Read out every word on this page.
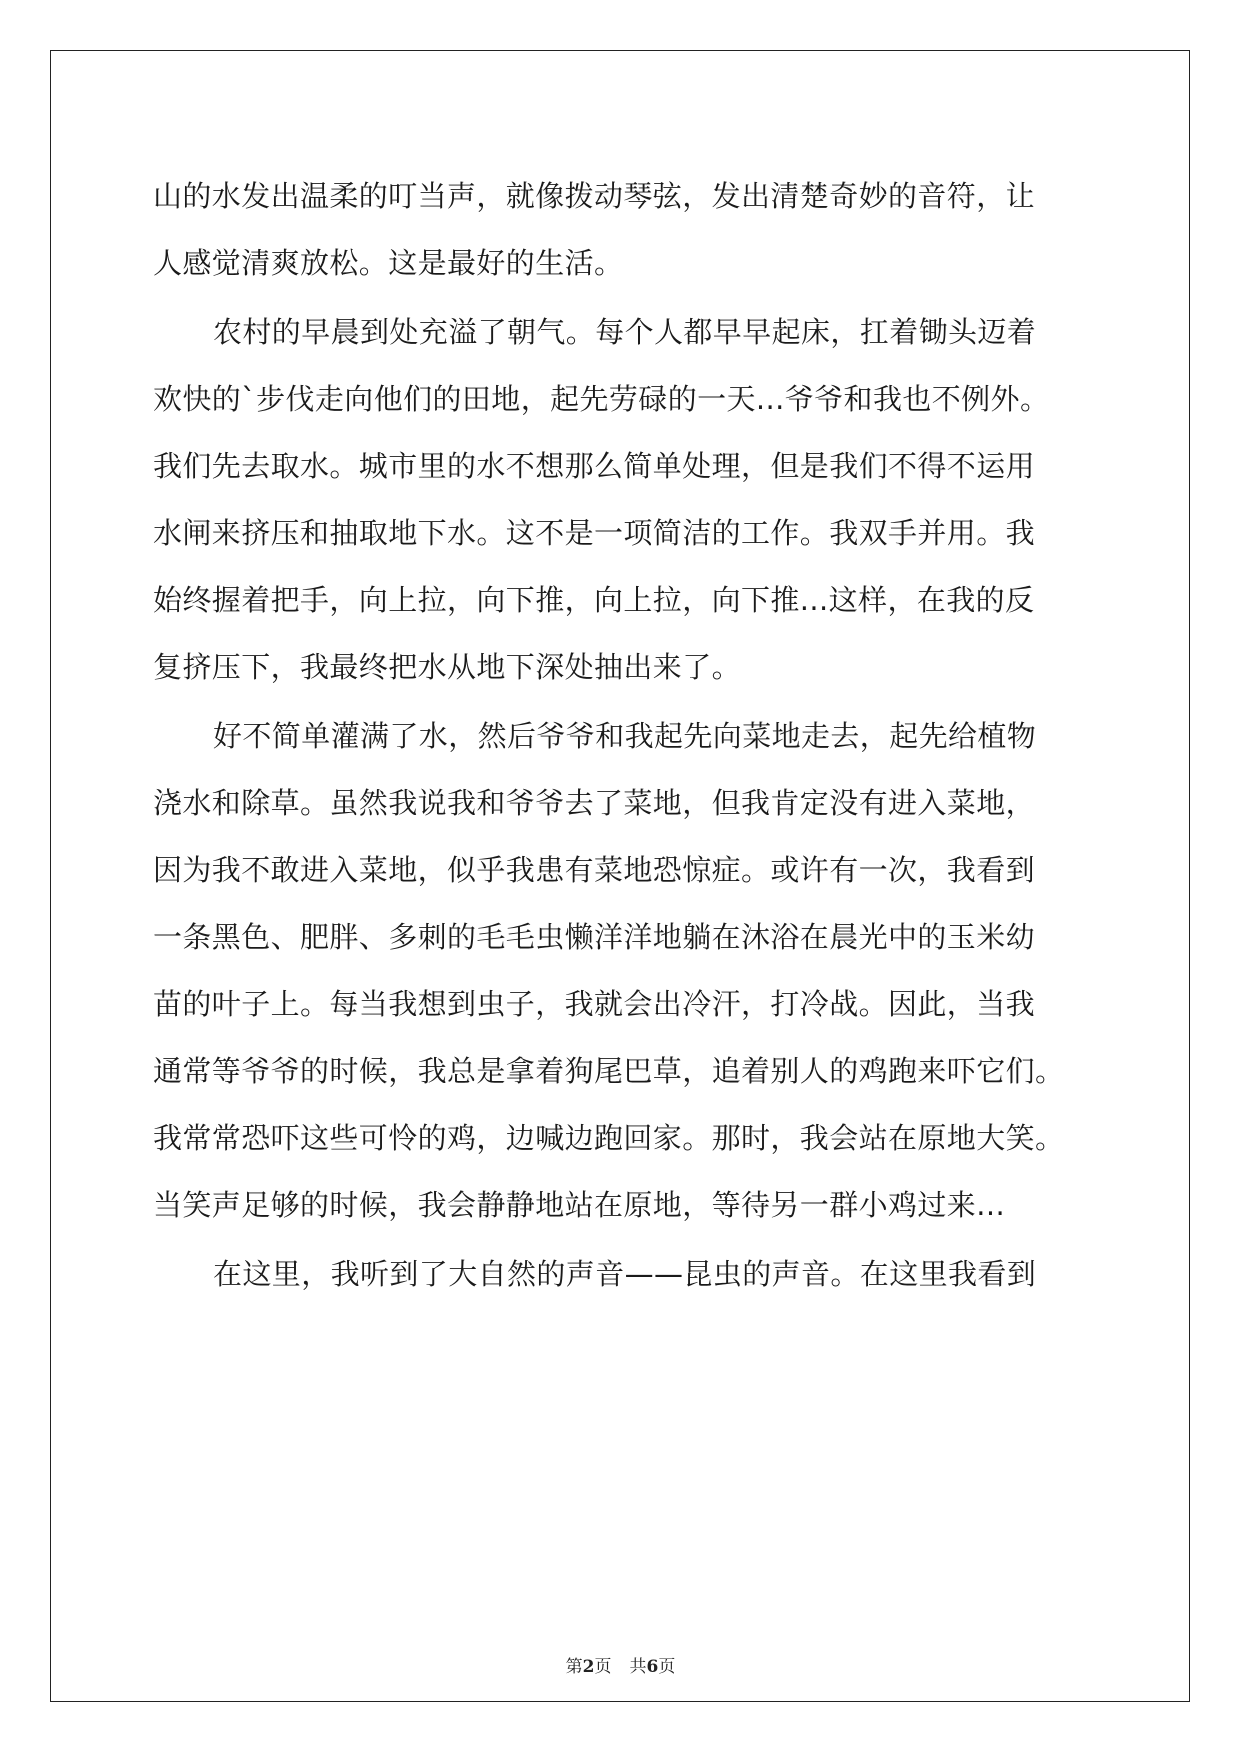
山的水发出温柔的叮当声，就像拨动琴弦，发出清楚奇妙的音符，让
人感觉清爽放松。这是最好的生活。
农村的早晨到处充溢了朝气。每个人都早早起床，扛着锄头迈着
欢快的`步伐走向他们的田地，起先劳碌的一天...爷爷和我也不例外。
我们先去取水。城市里的水不想那么简单处理，但是我们不得不运用
水闸来挤压和抽取地下水。这不是一项简洁的工作。我双手并用。我
始终握着把手，向上拉，向下推，向上拉，向下推...这样，在我的反
复挤压下，我最终把水从地下深处抽出来了。
好不简单灌满了水，然后爷爷和我起先向菜地走去，起先给植物
浇水和除草。虽然我说我和爷爷去了菜地，但我肯定没有进入菜地，
因为我不敢进入菜地，似乎我患有菜地恐惊症。或许有一次，我看到
一条黑色、肥胖、多刺的毛毛虫懒洋洋地躺在沐浴在晨光中的玉米幼
苗的叶子上。每当我想到虫子，我就会出冷汗，打冷战。因此，当我
通常等爷爷的时候，我总是拿着狗尾巴草，追着别人的鸡跑来吓它们。
我常常恐吓这些可怜的鸡，边喊边跑回家。那时，我会站在原地大笑。
当笑声足够的时候，我会静静地站在原地，等待另一群小鸡过来...
在这里，我听到了大自然的声音——昆虫的声音。在这里我看到
第2页 共6页
